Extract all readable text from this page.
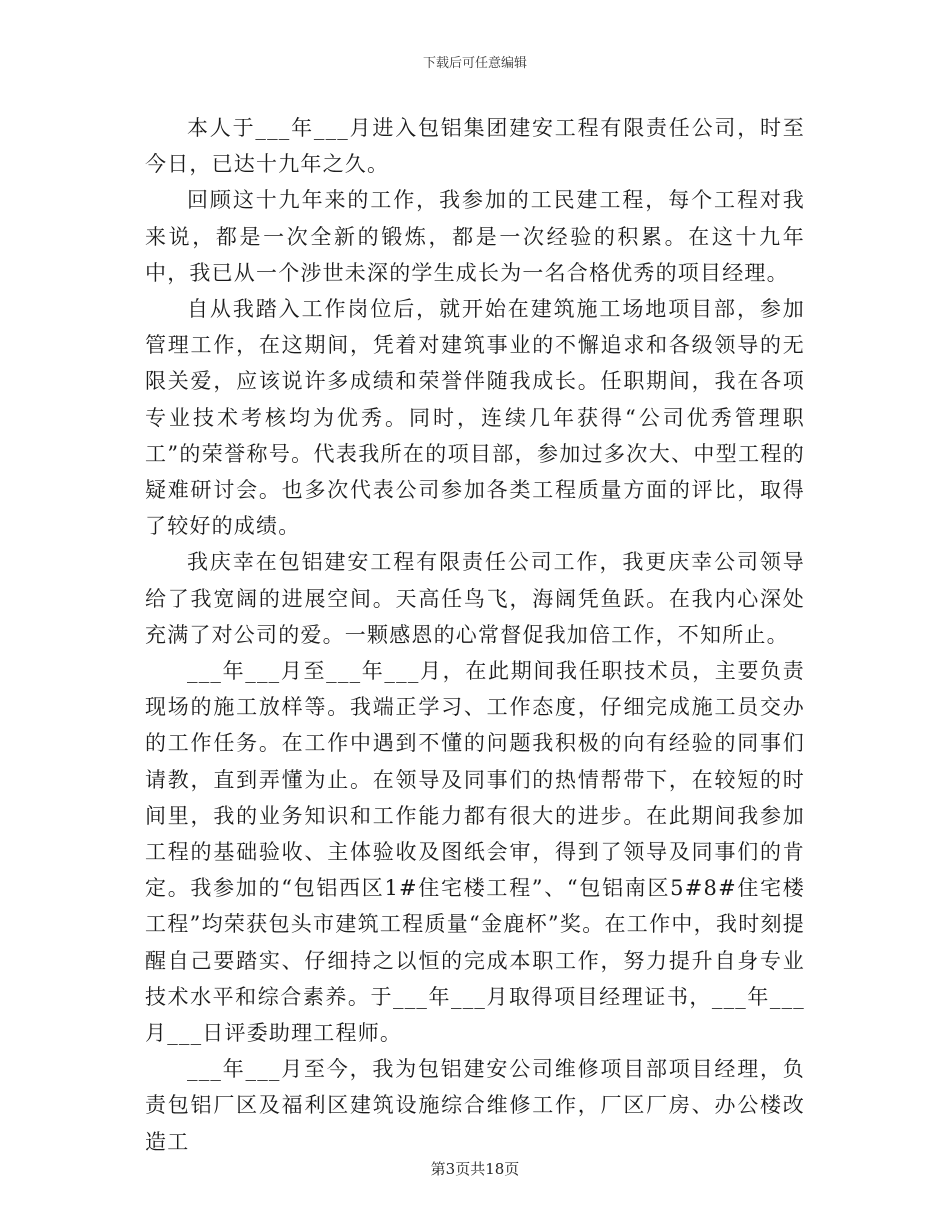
下载后可任意编辑

本人于___年___月进入包铝集团建安工程有限责任公司，时至今日，已达十九年之久。

回顾这十九年来的工作，我参加的工民建工程，每个工程对我来说，都是一次全新的锻炼，都是一次经验的积累。在这十九年中，我已从一个涉世未深的学生成长为一名合格优秀的项目经理。

自从我踏入工作岗位后，就开始在建筑施工场地项目部，参加管理工作，在这期间，凭着对建筑事业的不懈追求和各级领导的无限关爱，应该说许多成绩和荣誉伴随我成长。任职期间，我在各项专业技术考核均为优秀。同时，连续几年获得“公司优秀管理职工”的荣誉称号。代表我所在的项目部，参加过多次大、中型工程的疑难研讨会。也多次代表公司参加各类工程质量方面的评比，取得了较好的成绩。

我庆幸在包铝建安工程有限责任公司工作，我更庆幸公司领导给了我宽阔的进展空间。天高任鸟飞，海阔凭鱼跃。在我内心深处充满了对公司的爱。一颗感恩的心常督促我加倍工作，不知所止。

___年___月至___年___月，在此期间我任职技术员，主要负责现场的施工放样等。我端正学习、工作态度，仔细完成施工员交办的工作任务。在工作中遇到不懂的问题我积极的向有经验的同事们请教，直到弄懂为止。在领导及同事们的热情帮带下，在较短的时间里，我的业务知识和工作能力都有很大的进步。在此期间我参加工程的基础验收、主体验收及图纸会审，得到了领导及同事们的肯定。我参加的“包铝西区1#住宅楼工程”、“包铝南区5#8#住宅楼工程”均荣获包头市建筑工程质量“金鹿杯”奖。在工作中，我时刻提醒自己要踏实、仔细持之以恒的完成本职工作，努力提升自身专业技术水平和综合素养。于___年___月取得项目经理证书，___年___月___日评委助理工程师。

___年___月至今，我为包铝建安公司维修项目部项目经理，负责包铝厂区及福利区建筑设施综合维修工作，厂区厂房、办公楼改造工

第3页共18页
